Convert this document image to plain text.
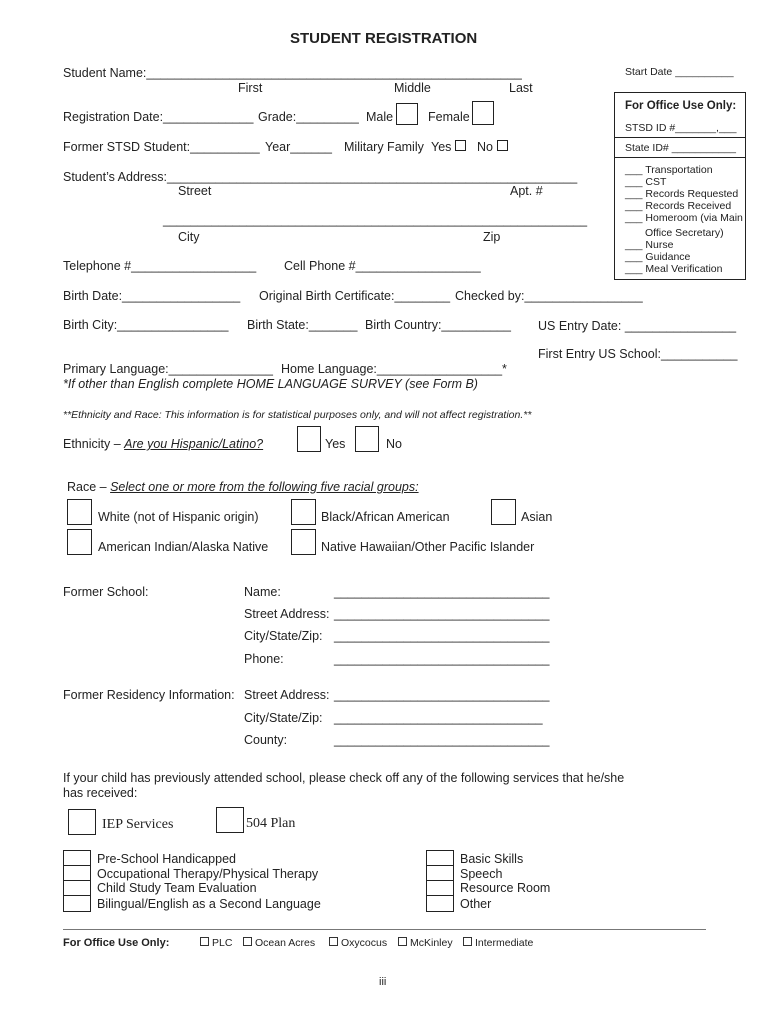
STUDENT REGISTRATION
Start Date __________
Student Name:______________________________________________________
First	Middle	Last
Registration Date:_____________ Grade:_________ Male	Female
Former STSD Student:__________ Year______ Military Family Yes No
For Office Use Only:
STSD ID #_______,___
State ID# ___________
___ Transportation
___ CST
___ Records Requested
___ Records Received
___ Homeroom (via Main
Office Secretary)
___ Nurse
___ Guidance
___ Meal Verification
Student’s Address:___________________________________________________________
Street	Apt. #
_____________________________________________________________
City	Zip
Telephone #__________________ Cell Phone #__________________
Birth Date:_________________ Original Birth Certificate:________ Checked by:_________________
Birth City:________________ Birth State:_______ Birth Country:__________ US Entry Date: ________________
First Entry US School:___________
Primary Language:_______________ Home Language:__________________*
*If other than English complete HOME LANGUAGE SURVEY (see Form B)
**Ethnicity and Race: This information is for statistical purposes only, and will not affect registration.**
Ethnicity – Are you Hispanic/Latino?	Yes	No
Race – Select one or more from the following five racial groups:
White (not of Hispanic origin)	Black/African American	Asian
American Indian/Alaska Native	Native Hawaiian/Other Pacific Islander
Former School:	Name:	_______________________________
Street Address: _______________________________
City/State/Zip: _______________________________
Phone:	_______________________________
Former Residency Information: Street Address: _______________________________
City/State/Zip: ______________________________
County:	_______________________________
If your child has previously attended school, please check off any of the following services that he/she
has received:
IEP Services	504 Plan
Pre-School Handicapped
Occupational Therapy/Physical Therapy
Child Study Team Evaluation
Bilingual/English as a Second Language
Basic Skills
Speech
Resource Room
Other
For Office Use Only:	PLC	Ocean Acres	Oxycocus	McKinley	Intermediate
iii
